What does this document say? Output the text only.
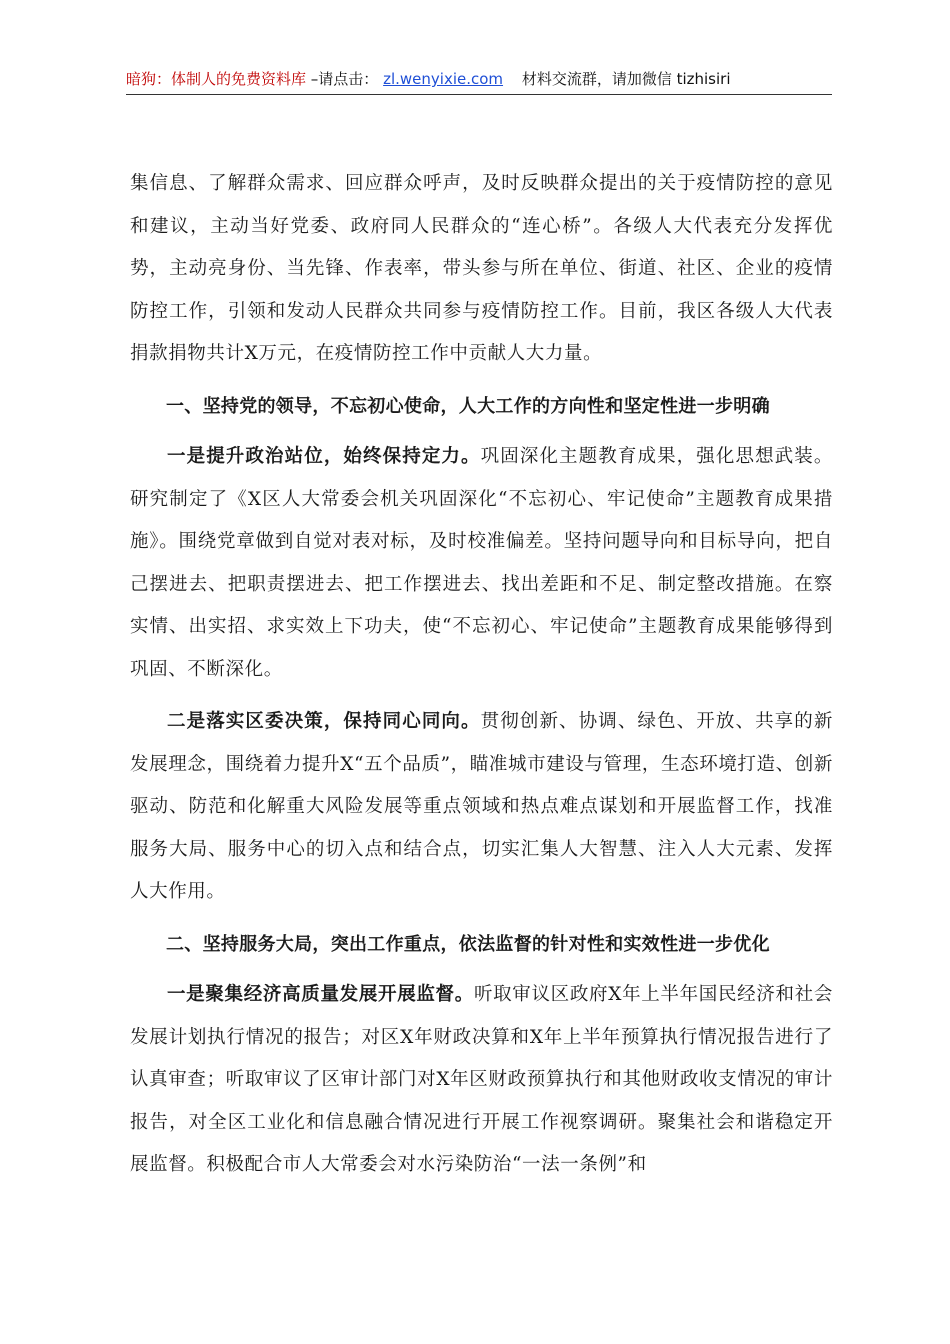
暗狗：体制人的免费资料库 –请点击： zl.wenyixie.com 材料交流群，请加微信 tizhisiri

集信息、了解群众需求、回应群众呼声，及时反映群众提出的关于疫情防控的意见和建议，主动当好党委、政府同人民群众的“连心桥”。各级人大代表充分发挥优势，主动亮身份、当先锋、作表率，带头参与所在单位、街道、社区、企业的疫情防控工作，引领和发动人民群众共同参与疫情防控工作。目前，我区各级人大代表捐款捐物共计X万元，在疫情防控工作中贡献人大力量。

一、坚持党的领导，不忘初心使命，人大工作的方向性和坚定性进一步明确

一是提升政治站位，始终保持定力。巩固深化主题教育成果，强化思想武装。研究制定了《X区人大常委会机关巩固深化“不忘初心、牢记使命”主题教育成果措施》。围绕党章做到自觉对表对标，及时校准偏差。坚持问题导向和目标导向，把自己摆进去、把职责摆进去、把工作摆进去、找出差距和不足、制定整改措施。在察实情、出实招、求实效上下功夫，使“不忘初心、牢记使命”主题教育成果能够得到巩固、不断深化。

二是落实区委决策，保持同心同向。贯彻创新、协调、绿色、开放、共享的新发展理念，围绕着力提升X“五个品质”，瞄准城市建设与管理，生态环境打造、创新驱动、防范和化解重大风险发展等重点领域和热点难点谋划和开展监督工作，找准服务大局、服务中心的切入点和结合点，切实汇集人大智慧、注入人大元素、发挥人大作用。

二、坚持服务大局，突出工作重点，依法监督的针对性和实效性进一步优化

一是聚集经济高质量发展开展监督。听取审议区政府X年上半年国民经济和社会发展计划执行情况的报告；对区X年财政决算和X年上半年预算执行情况报告进行了认真审查；听取审议了区审计部门对X年区财政预算执行和其他财政收支情况的审计报告，对全区工业化和信息融合情况进行开展工作视察调研。聚集社会和谐稳定开展监督。积极配合市人大常委会对水污染防治“一法一条例”和
